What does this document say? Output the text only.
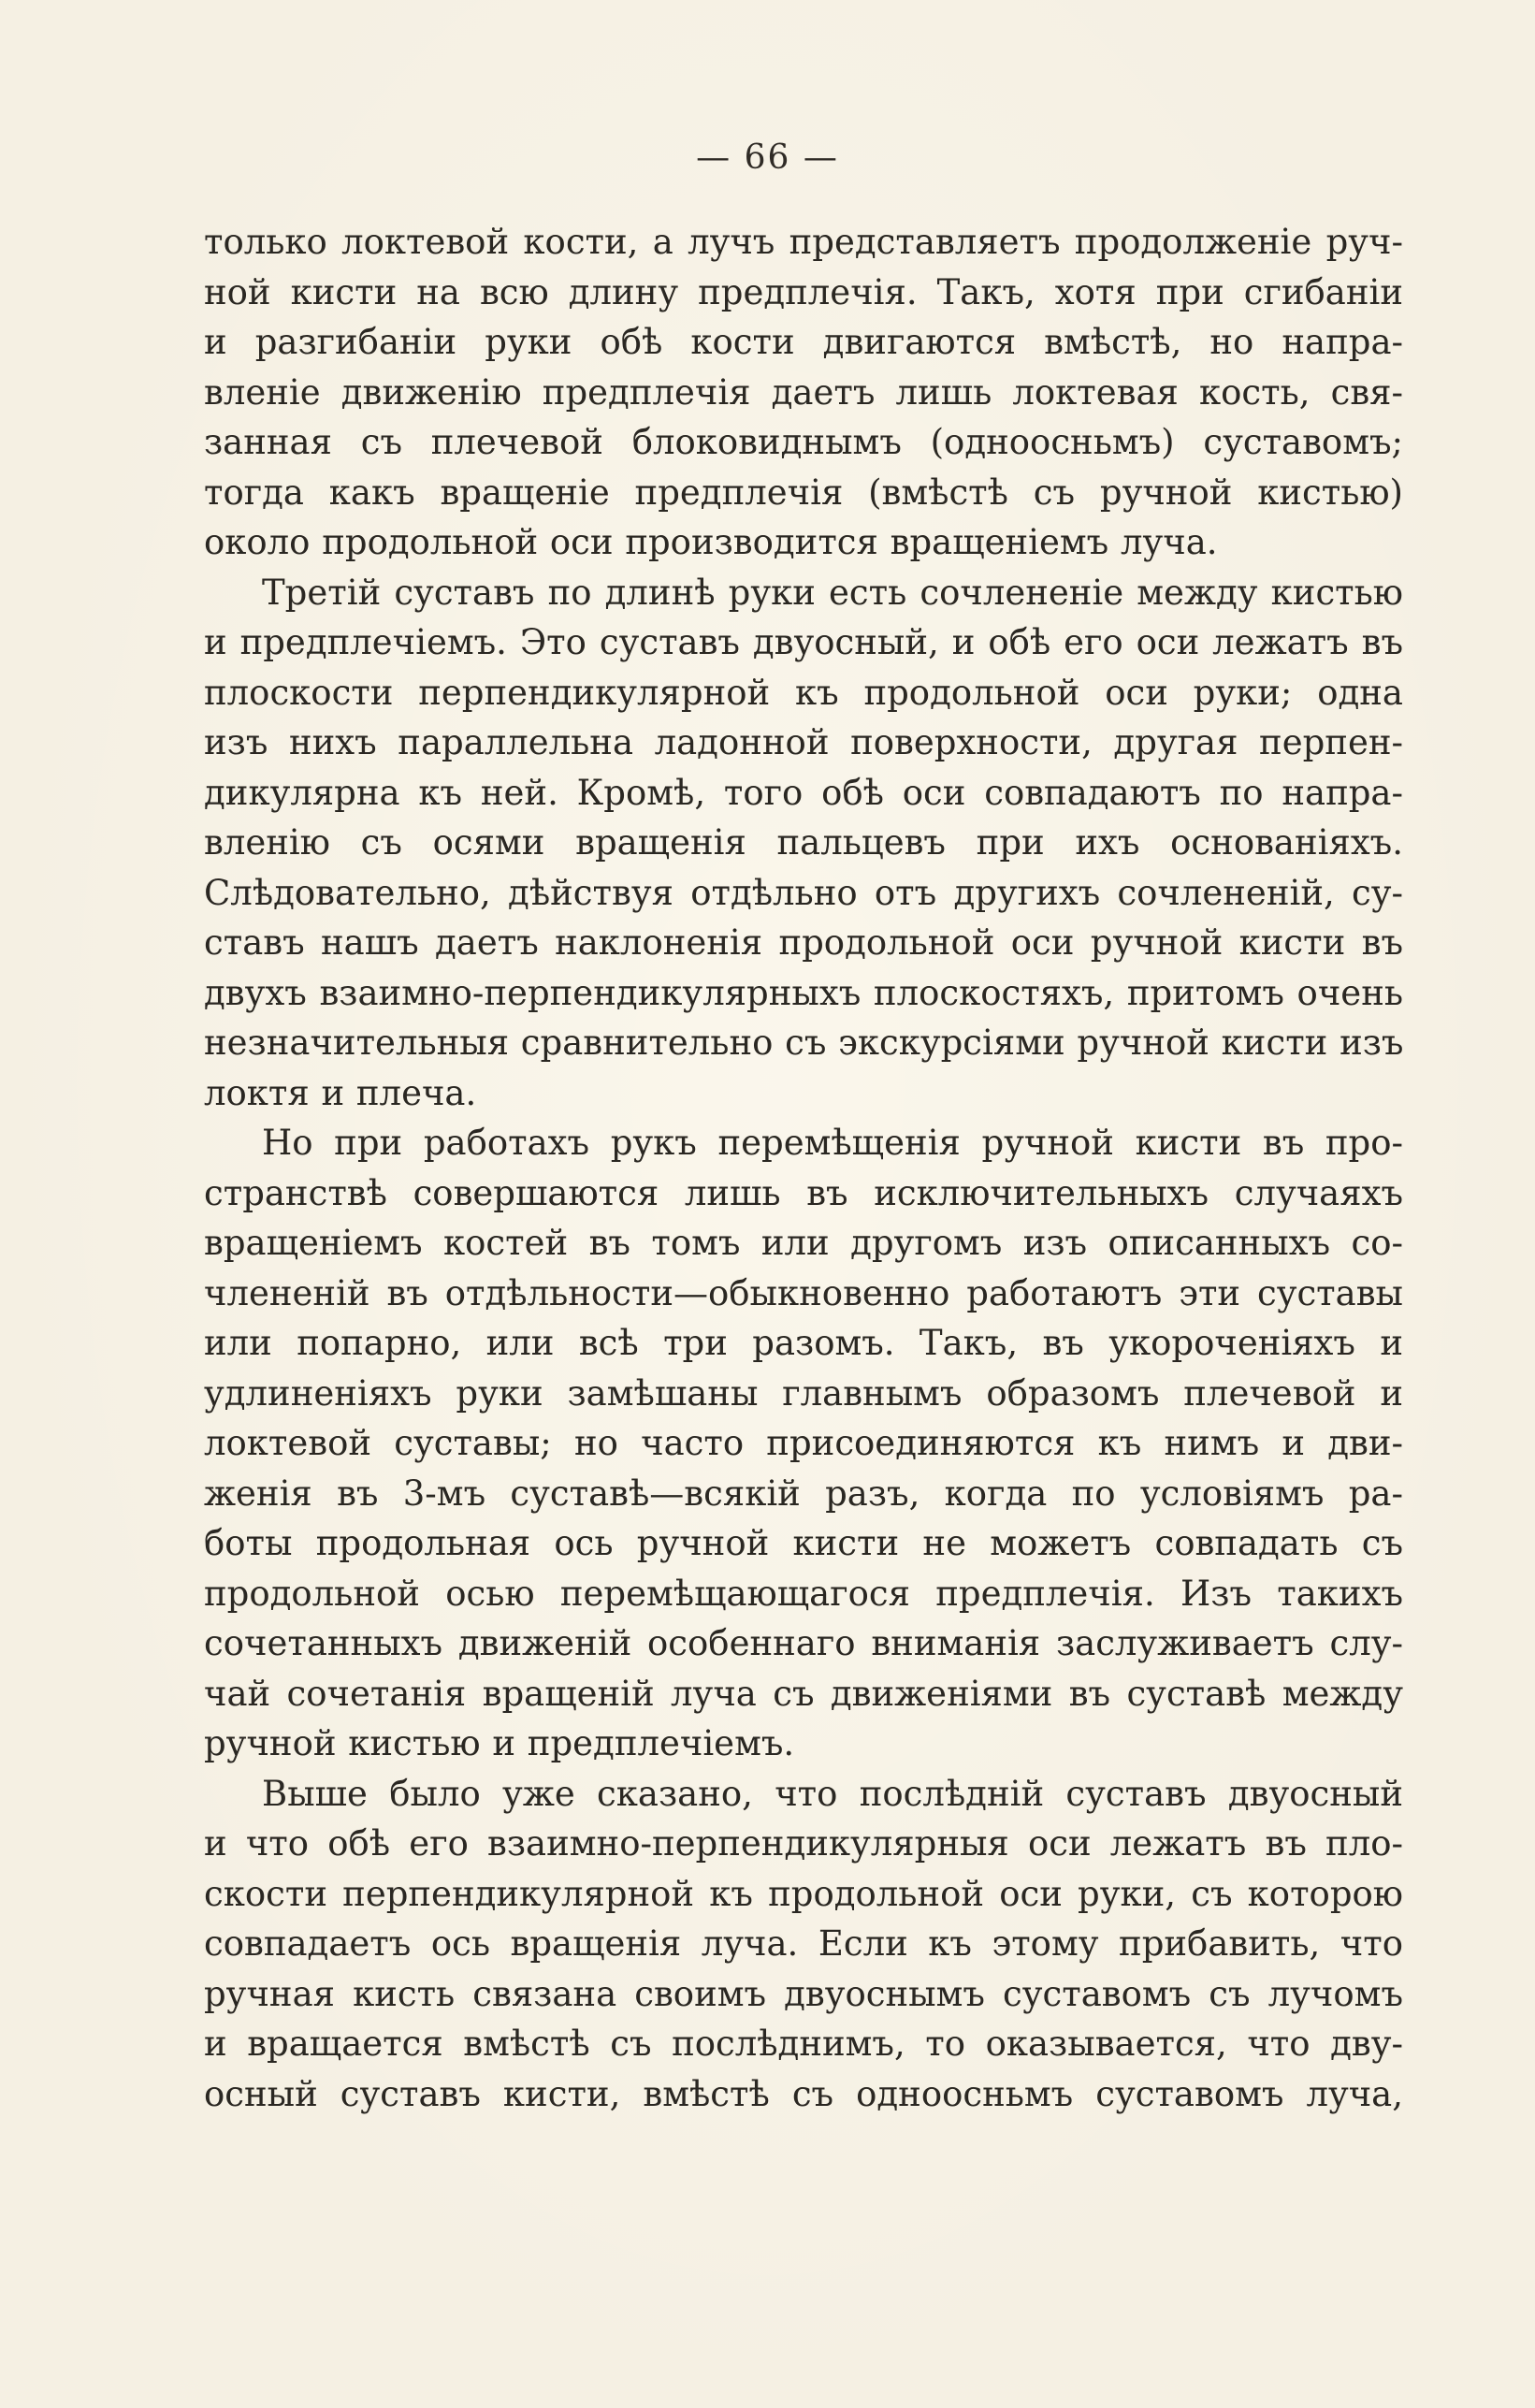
— 66 —
только локтевой кости, а лучъ представляетъ продолженіе руч-
ной кисти на всю длину предплечія. Такъ, хотя при сгибаніи
и разгибаніи руки обѣ кости двигаются вмѣстѣ, но напра-
вленіе движенію предплечія даетъ лишь локтевая кость, свя-
занная съ плечевой блоковиднымъ (одноосньмъ) суставомъ;
тогда какъ вращеніе предплечія (вмѣстѣ съ ручной кистью)
около продольной оси производится вращеніемъ луча.
Третій суставъ по длинѣ руки есть сочлененіе между кистью
и предплечіемъ. Это суставъ двуосный, и обѣ его оси лежатъ въ
плоскости перпендикулярной къ продольной оси руки; одна
изъ нихъ параллельна ладонной поверхности, другая перпен-
дикулярна къ ней. Кромѣ, того обѣ оси совпадаютъ по напра-
вленію съ осями вращенія пальцевъ при ихъ основаніяхъ.
Слѣдовательно, дѣйствуя отдѣльно отъ другихъ сочлененій, су-
ставъ нашъ даетъ наклоненія продольной оси ручной кисти въ
двухъ взаимно-перпендикулярныхъ плоскостяхъ, притомъ очень
незначительныя сравнительно съ экскурсіями ручной кисти изъ
локтя и плеча.
Но при работахъ рукъ перемѣщенія ручной кисти въ про-
странствѣ совершаются лишь въ исключительныхъ случаяхъ
вращеніемъ костей въ томъ или другомъ изъ описанныхъ со-
члененій въ отдѣльности—обыкновенно работаютъ эти суставы
или попарно, или всѣ три разомъ. Такъ, въ укороченіяхъ и
удлиненіяхъ руки замѣшаны главнымъ образомъ плечевой и
локтевой суставы; но часто присоединяются къ нимъ и дви-
женія въ 3-мъ суставѣ—всякій разъ, когда по условіямъ ра-
боты продольная ось ручной кисти не можетъ совпадать съ
продольной осью перемѣщающагося предплечія. Изъ такихъ
сочетанныхъ движеній особеннаго вниманія заслуживаетъ слу-
чай сочетанія вращеній луча съ движеніями въ суставѣ между
ручной кистью и предплечіемъ.
Выше было уже сказано, что послѣдній суставъ двуосный
и что обѣ его взаимно-перпендикулярныя оси лежатъ въ пло-
скости перпендикулярной къ продольной оси руки, съ которою
совпадаетъ ось вращенія луча. Если къ этому прибавить, что
ручная кисть связана своимъ двуоснымъ суставомъ съ лучомъ
и вращается вмѣстѣ съ послѣднимъ, то оказывается, что дву-
осный суставъ кисти, вмѣстѣ съ одноосньмъ суставомъ луча,
